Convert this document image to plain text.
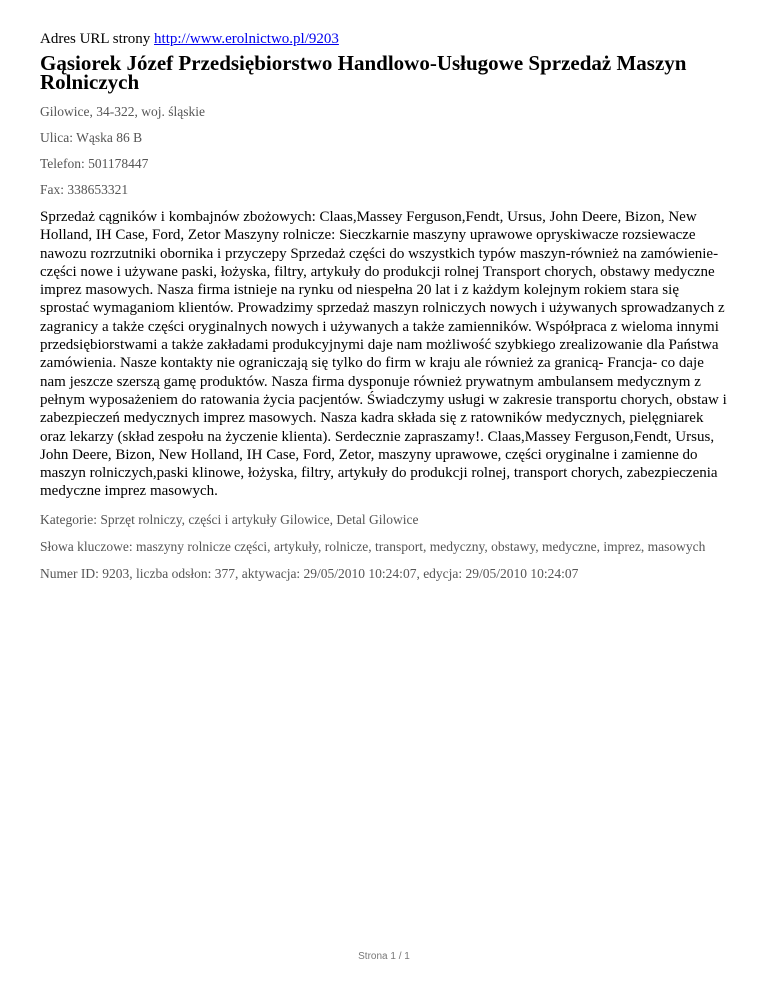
Adres URL strony http://www.erolnictwo.pl/9203

Gąsiorek Józef Przedsiębiorstwo Handlowo-Usługowe Sprzedaż Maszyn Rolniczych

Gilowice, 34-322, woj. śląskie

Ulica: Wąska 86 B

Telefon: 501178447

Fax: 338653321

Sprzedaż cągników i kombajnów zbożowych: Claas,Massey Ferguson,Fendt, Ursus, John Deere, Bizon, New Holland, IH Case, Ford, Zetor Maszyny rolnicze: Sieczkarnie maszyny uprawowe opryskiwacze rozsiewacze nawozu rozrzutniki obornika i przyczepy Sprzedaż części do wszystkich typów maszyn-również na zamówienie- części nowe i używane paski, łożyska, filtry, artykuły do produkcji rolnej Transport chorych, obstawy medyczne imprez masowych. Nasza firma istnieje na rynku od niespełna 20 lat i z każdym kolejnym rokiem stara się sprostać wymaganiom klientów. Prowadzimy sprzedaż maszyn rolniczych nowych i używanych sprowadzanych z zagranicy a także części oryginalnych nowych i używanych a także zamienników. Współpraca z wieloma innymi przedsiębiorstwami a także zakładami produkcyjnymi daje nam możliwość szybkiego zrealizowanie dla Państwa zamówienia. Nasze kontakty nie ograniczają się tylko do firm w kraju ale również za granicą- Francja- co daje nam jeszcze szerszą gamę produktów. Nasza firma dysponuje również prywatnym ambulansem medycznym z pełnym wyposażeniem do ratowania życia pacjentów. Świadczymy usługi w zakresie transportu chorych, obstaw i zabezpieczeń medycznych imprez masowych. Nasza kadra składa się z ratowników medycznych, pielęgniarek oraz lekarzy (skład zespołu na życzenie klienta). Serdecznie zapraszamy!. Claas,Massey Ferguson,Fendt, Ursus, John Deere, Bizon, New Holland, IH Case, Ford, Zetor, maszyny uprawowe, części oryginalne i zamienne do maszyn rolniczych,paski klinowe, łożyska, filtry, artykuły do produkcji rolnej, transport chorych, zabezpieczenia medyczne imprez masowych.

Kategorie: Sprzęt rolniczy, części i artykuły Gilowice, Detal Gilowice

Słowa kluczowe: maszyny rolnicze części, artykuły, rolnicze, transport, medyczny, obstawy, medyczne, imprez, masowych

Numer ID: 9203, liczba odsłon: 377, aktywacja: 29/05/2010 10:24:07, edycja: 29/05/2010 10:24:07

Strona 1 / 1
